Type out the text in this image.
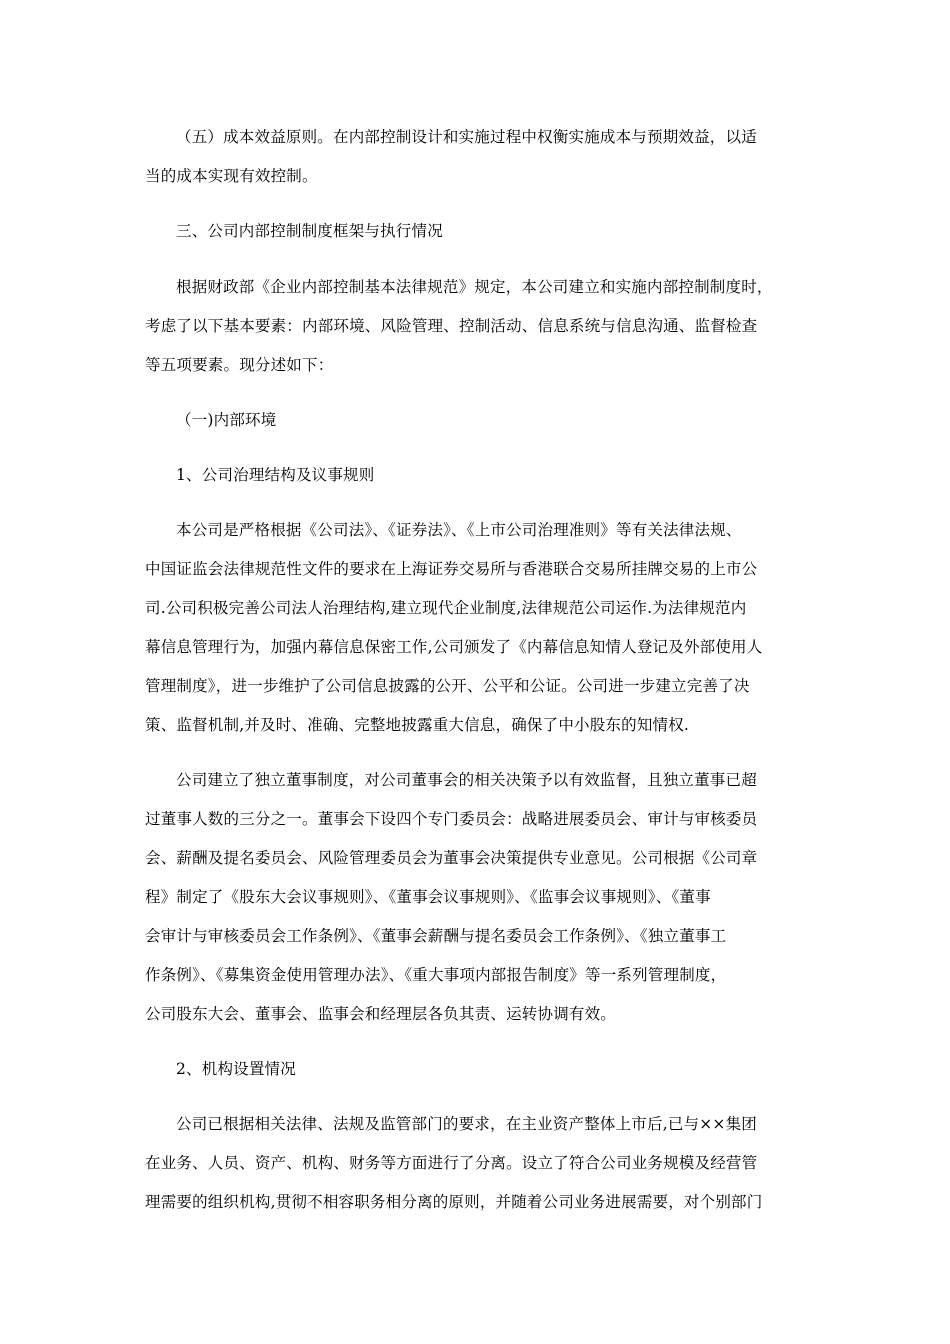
（五）成本效益原则。在内部控制设计和实施过程中权衡实施成本与预期效益，以适
当的成本实现有效控制。
三、公司内部控制制度框架与执行情况
根据财政部《企业内部控制基本法律规范》规定，本公司建立和实施内部控制制度时，
考虑了以下基本要素：内部环境、风险管理、控制活动、信息系统与信息沟通、监督检查
等五项要素。现分述如下：
（一)内部环境
1、公司治理结构及议事规则
本公司是严格根据《公司法》、《证券法》、《上市公司治理准则》等有关法律法规、
中国证监会法律规范性文件的要求在上海证券交易所与香港联合交易所挂牌交易的上市公
司.公司积极完善公司法人治理结构,建立现代企业制度,法律规范公司运作.为法律规范内
幕信息管理行为，加强内幕信息保密工作,公司颁发了《内幕信息知情人登记及外部使用人
管理制度》，进一步维护了公司信息披露的公开、公平和公证。公司进一步建立完善了决
策、监督机制,并及时、准确、完整地披露重大信息，确保了中小股东的知情权.
公司建立了独立董事制度，对公司董事会的相关决策予以有效监督，且独立董事已超
过董事人数的三分之一。董事会下设四个专门委员会：战略进展委员会、审计与审核委员
会、薪酬及提名委员会、风险管理委员会为董事会决策提供专业意见。公司根据《公司章
程》制定了《股东大会议事规则》、《董事会议事规则》、《监事会议事规则》、《董事
会审计与审核委员会工作条例》、《董事会薪酬与提名委员会工作条例》、《独立董事工
作条例》、《募集资金使用管理办法》、《重大事项内部报告制度》等一系列管理制度，
公司股东大会、董事会、监事会和经理层各负其责、运转协调有效。
2、机构设置情况
公司已根据相关法律、法规及监管部门的要求，在主业资产整体上市后,已与××集团
在业务、人员、资产、机构、财务等方面进行了分离。设立了符合公司业务规模及经营管
理需要的组织机构,贯彻不相容职务相分离的原则，并随着公司业务进展需要，对个别部门
